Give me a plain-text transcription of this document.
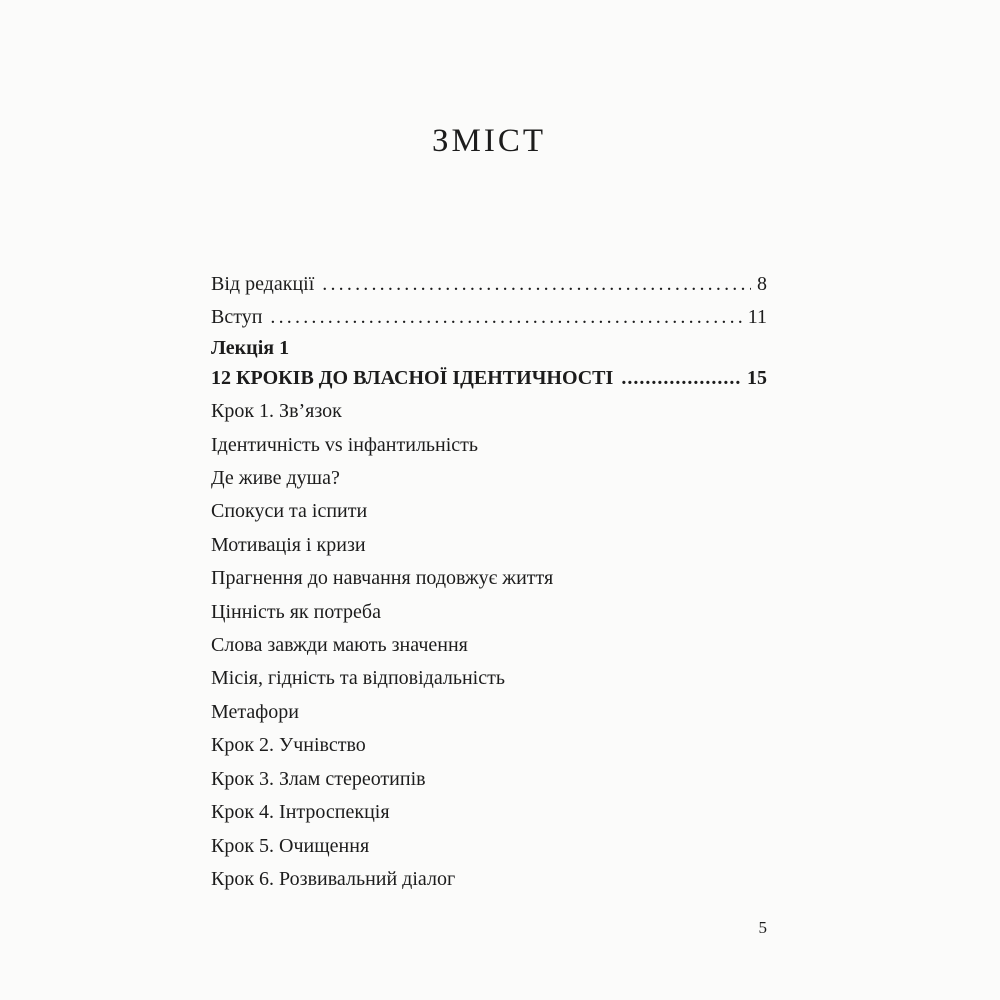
ЗМІСТ
Від редакції .....	8
Вступ .....	11
Лекція 1
12 КРОКІВ ДО ВЛАСНОЇ ІДЕНТИЧНОСТІ .....	15
Крок 1. Зв’язок
Ідентичність vs інфантильність
Де живе душа?
Спокуси та іспити
Мотивація і кризи
Прагнення до навчання подовжує життя
Цінність як потреба
Слова завжди мають значення
Місія, гідність та відповідальність
Метафори
Крок 2. Учнівство
Крок 3. Злам стереотипів
Крок 4. Інтроспекція
Крок 5. Очищення
Крок 6. Розвивальний діалог
5
